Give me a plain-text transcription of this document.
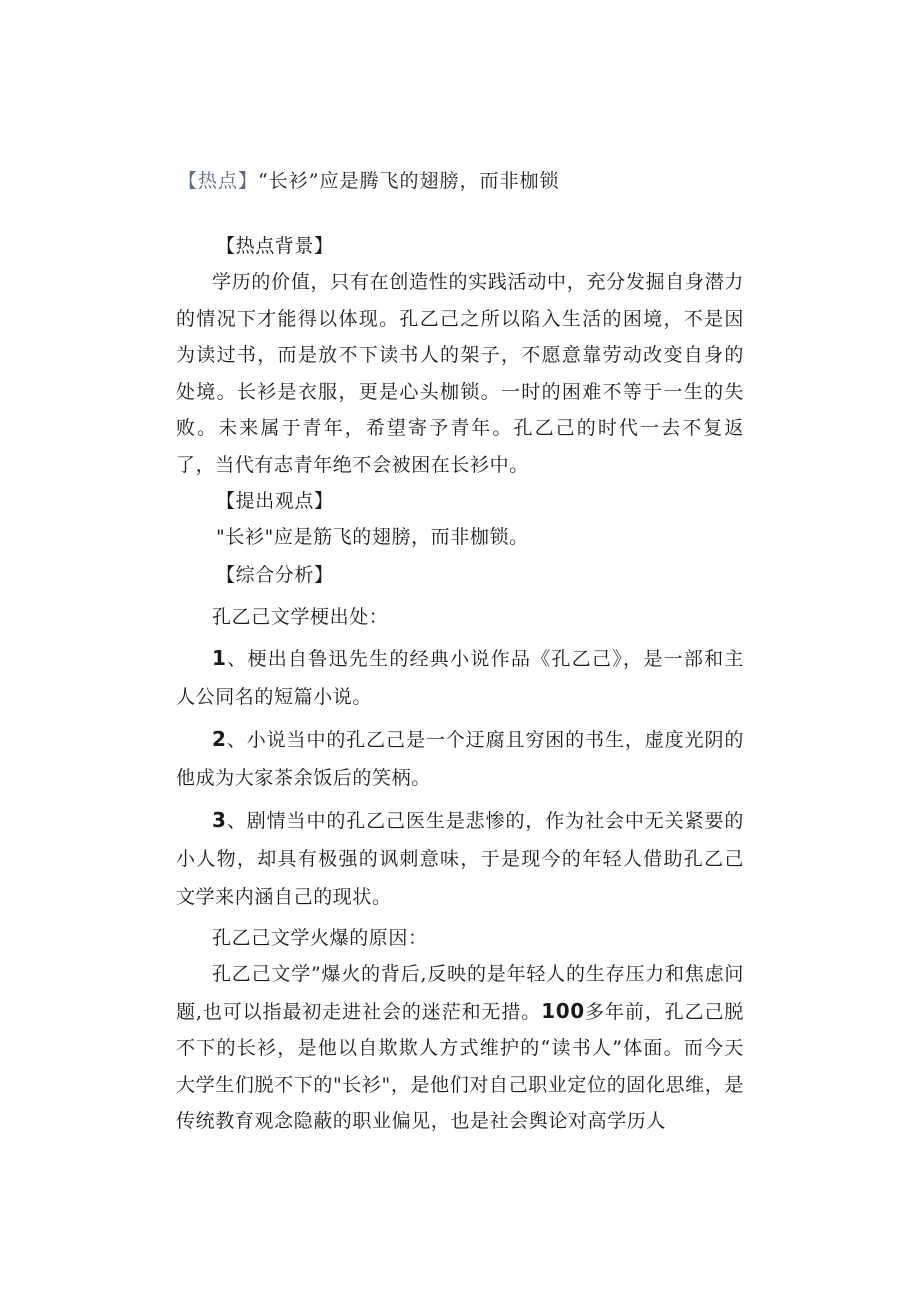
【热点】“长衫”应是腾飞的翅膀，而非枷锁

【热点背景】

学历的价值，只有在创造性的实践活动中，充分发掘自身潜力的情况下才能得以体现。孔乙己之所以陷入生活的困境，不是因为读过书，而是放不下读书人的架子，不愿意靠劳动改变自身的处境。长衫是衣服，更是心头枷锁。一时的困难不等于一生的失败。未来属于青年，希望寄予青年。孔乙己的时代一去不复返了，当代有志青年绝不会被困在长衫中。

【提出观点】

"长衫"应是筋飞的翅膀，而非枷锁。

【综合分析】

孔乙己文学梗出处：

1、梗出自鲁迅先生的经典小说作品《孔乙己》，是一部和主人公同名的短篇小说。

2、小说当中的孔乙己是一个迂腐且穷困的书生，虚度光阴的他成为大家茶余饭后的笑柄。

3、剧情当中的孔乙己医生是悲惨的，作为社会中无关紧要的小人物，却具有极强的讽刺意味，于是现今的年轻人借助孔乙己文学来内涵自己的现状。

孔乙己文学火爆的原因：

孔乙己文学”爆火的背后,反映的是年轻人的生存压力和焦虑问题,也可以指最初走进社会的迷茫和无措。100多年前，孔乙己脱不下的长衫，是他以自欺欺人方式维护的“读书人”体面。而今天大学生们脱不下的"长衫"，是他们对自己职业定位的固化思维，是传统教育观念隐蔽的职业偏见，也是社会舆论对高学历人
